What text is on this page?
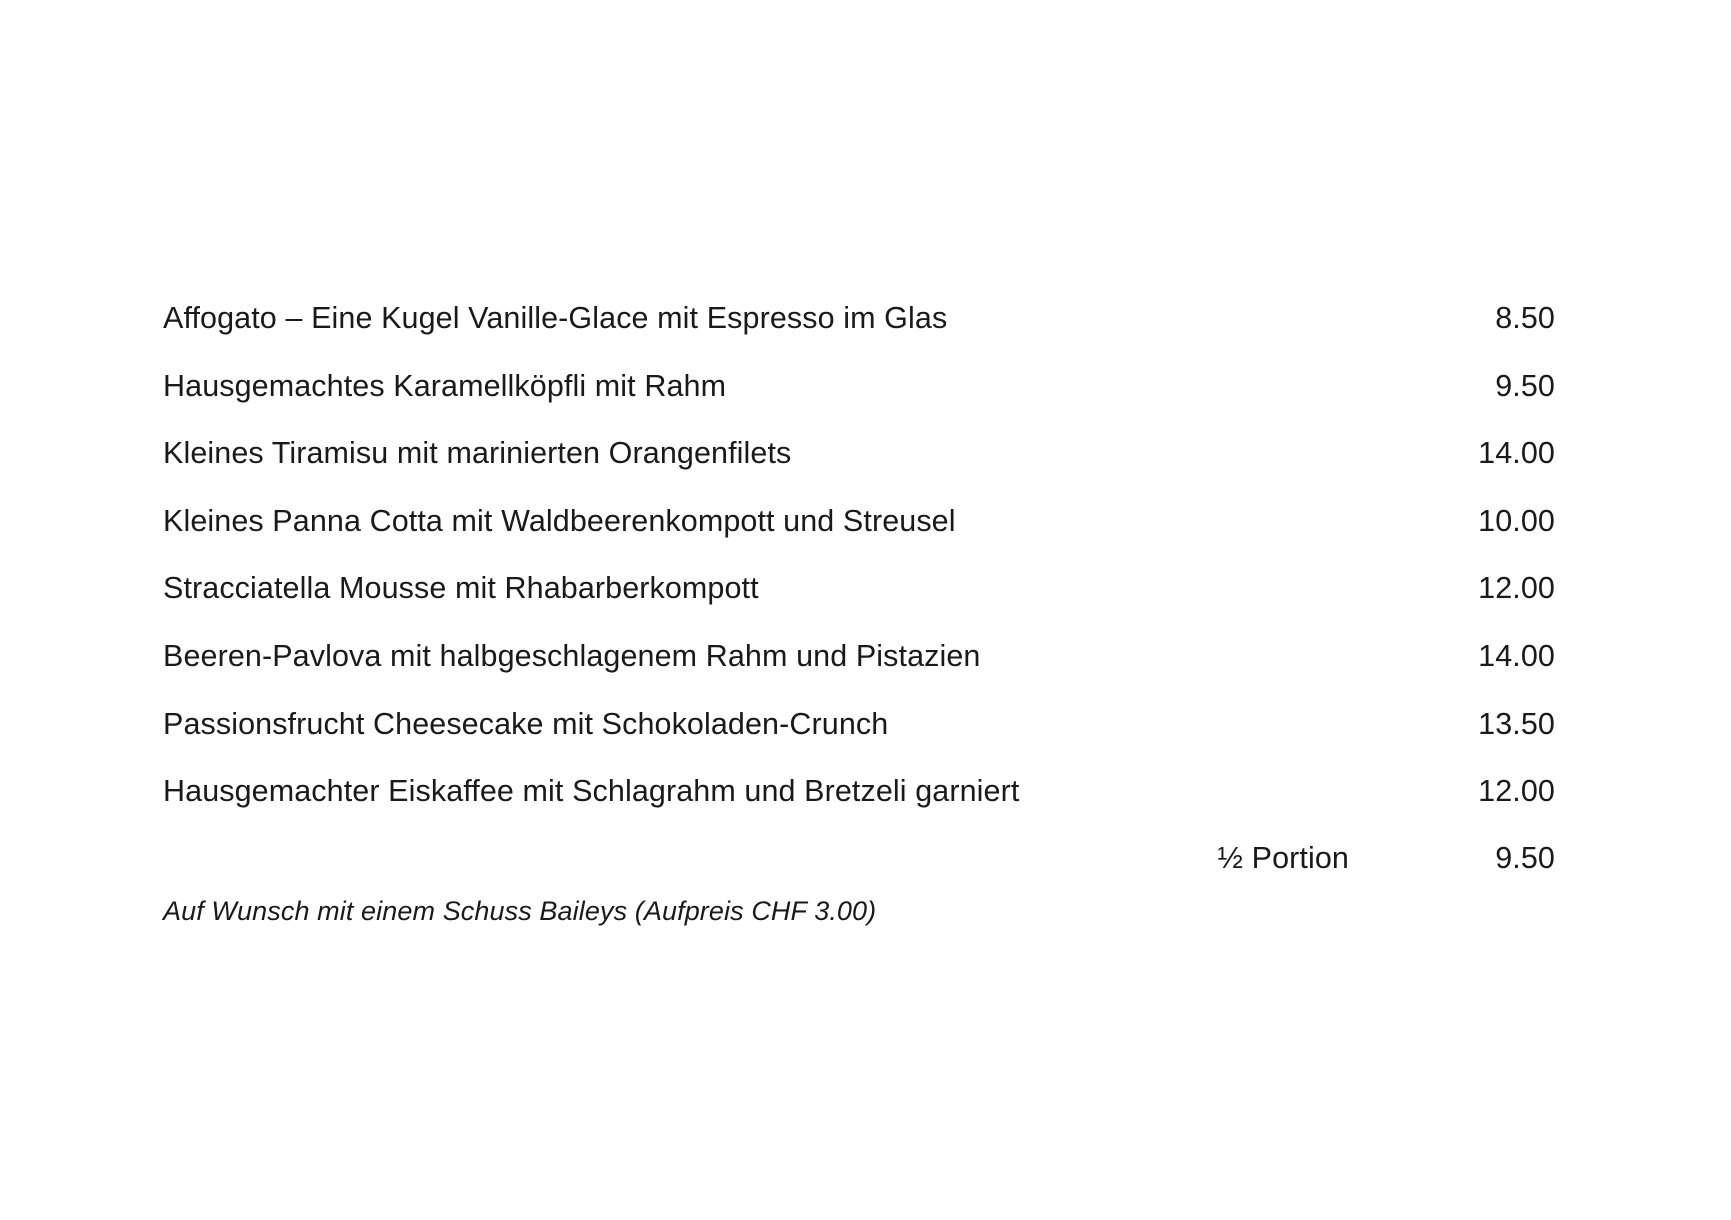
Affogato – Eine Kugel Vanille-Glace mit Espresso im Glas	8.50
Hausgemachtes Karamellköpfli mit Rahm	9.50
Kleines Tiramisu mit marinierten Orangenfilets	14.00
Kleines Panna Cotta mit Waldbeerenkompott und Streusel	10.00
Stracciatella Mousse mit Rhabarberkompott	12.00
Beeren-Pavlova mit halbgeschlagenem Rahm und Pistazien	14.00
Passionsfrucht Cheesecake mit Schokoladen-Crunch	13.50
Hausgemachter Eiskaffee mit Schlagrahm und Bretzeli garniert	12.00
½ Portion	9.50
Auf Wunsch mit einem Schuss Baileys (Aufpreis CHF 3.00)
